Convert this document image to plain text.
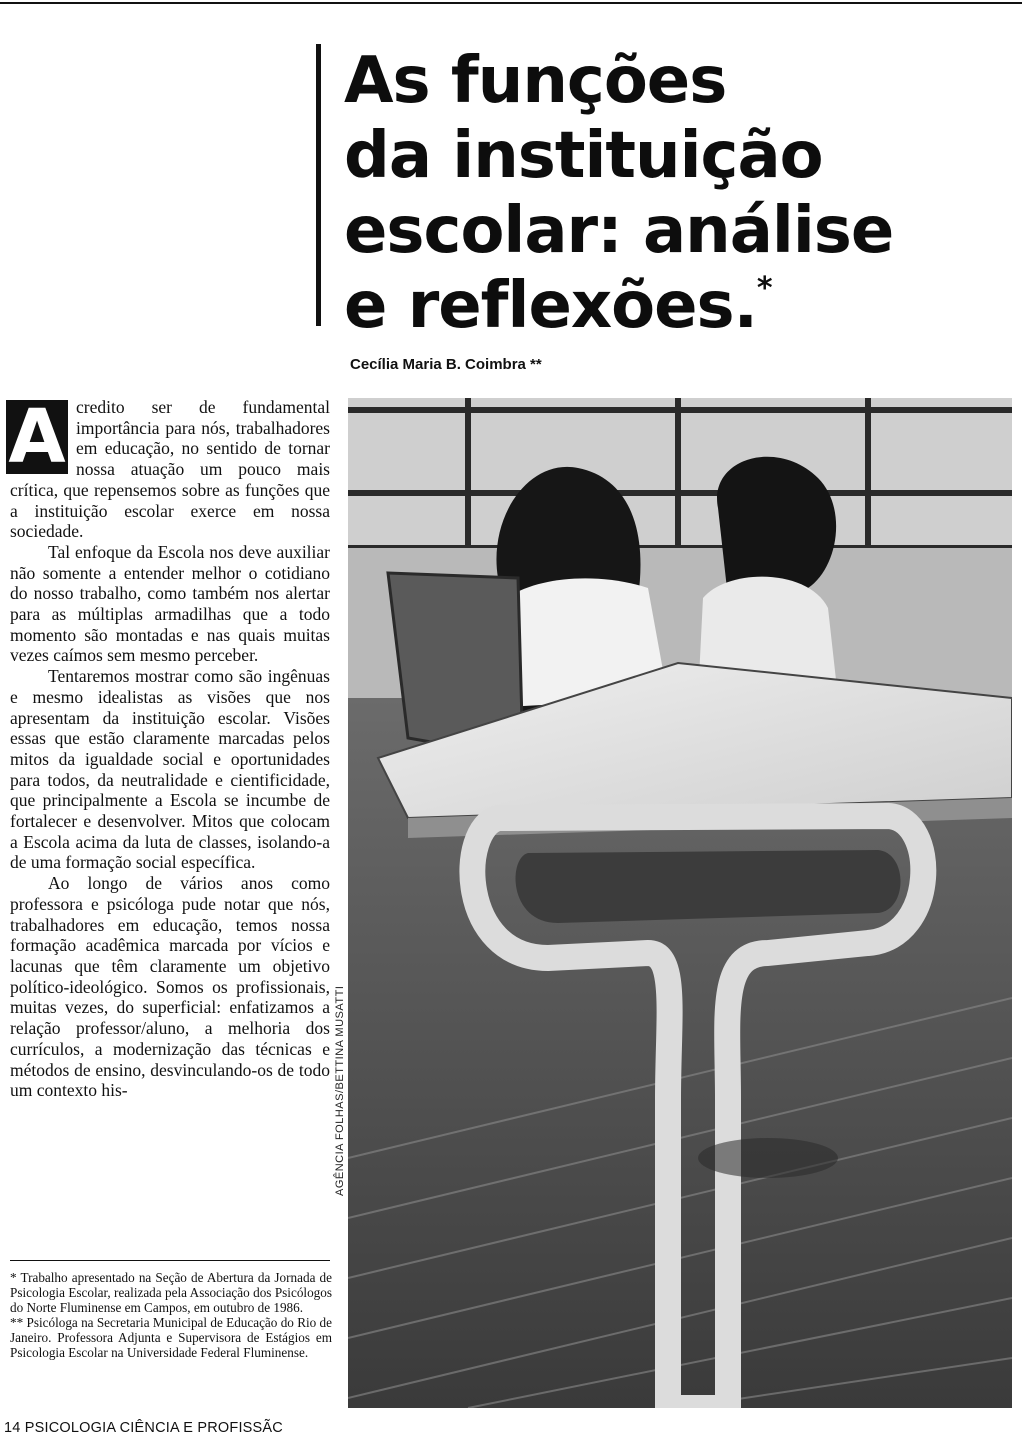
As funções
da instituição
escolar: análise
e reflexões.*
Cecília Maria B. Coimbra **

A credito ser de fundamental importância para nós, trabalhadores em educação, no sentido de tornar nossa atuação um pouco mais crítica, que repensemos sobre as funções que a instituição escolar exerce em nossa sociedade.

Tal enfoque da Escola nos deve auxiliar não somente a entender melhor o cotidiano do nosso trabalho, como também nos alertar para as múltiplas armadilhas que a todo momento são montadas e nas quais muitas vezes caímos sem mesmo perceber.

Tentaremos mostrar como são ingênuas e mesmo idealistas as visões que nos apresentam da instituição escolar. Visões essas que estão claramente marcadas pelos mitos da igualdade social e oportunidades para todos, da neutralidade e cientificidade, que principalmente a Escola se incumbe de fortalecer e desenvolver. Mitos que colocam a Escola acima da luta de classes, isolando-a de uma formação social específica.

Ao longo de vários anos como professora e psicóloga pude notar que nós, trabalhadores em educação, temos nossa formação acadêmica marcada por vícios e lacunas que têm claramente um objetivo político-ideológico. Somos os profissionais, muitas vezes, do superficial: enfatizamos a relação professor/aluno, a melhoria dos currículos, a modernização das técnicas e métodos de ensino, desvinculando-os de todo um contexto his-

* Trabalho apresentado na Seção de Abertura da Jornada de Psicologia Escolar, realizada pela Associação dos Psicólogos do Norte Fluminense em Campos, em outubro de 1986.

** Psicóloga na Secretaria Municipal de Educação do Rio de Janeiro. Professora Adjunta e Supervisora de Estágios em Psicologia Escolar na Universidade Federal Fluminense.

14 PSICOLOGIA CIÊNCIA E PROFISSÃC
AGÊNCIA FOLHAS/BETTINA MUSATTI
